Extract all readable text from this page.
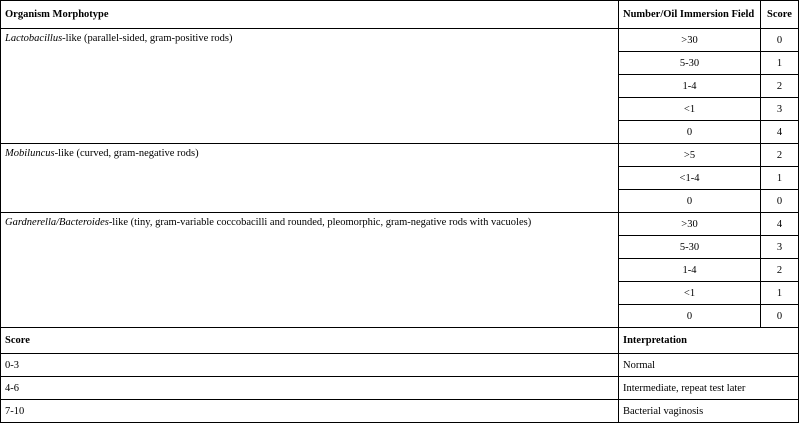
Organism Morphotype	Number/Oil Immersion Field	Score
Lactobacillus-like (parallel-sided, gram-positive rods)	>30	0
	5-30	1
	1-4	2
	<1	3
	0	4
Mobiluncus-like (curved, gram-negative rods)	>5	2
	<1-4	1
	0	0
Gardnerella/Bacteroides-like (tiny, gram-variable coccobacilli and rounded, pleomorphic, gram-negative rods with vacuoles)	>30	4
	5-30	3
	1-4	2
	<1	1
	0	0
Score	Interpretation	
0-3	Normal	
4-6	Intermediate, repeat test later	
7-10	Bacterial vaginosis	
